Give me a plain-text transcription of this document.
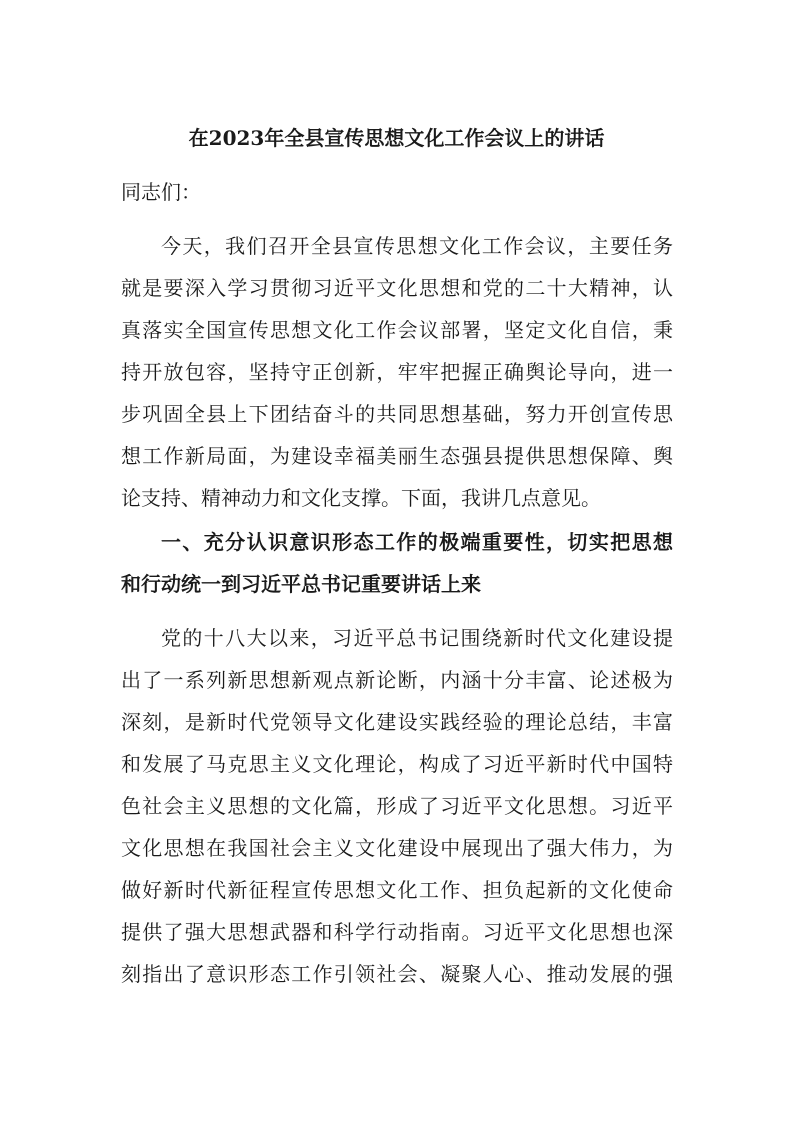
在2023年全县宣传思想文化工作会议上的讲话

同志们：

今天，我们召开全县宣传思想文化工作会议，主要任务

就是要深入学习贯彻习近平文化思想和党的二十大精神，认

真落实全国宣传思想文化工作会议部署，坚定文化自信，秉

持开放包容，坚持守正创新，牢牢把握正确舆论导向，进一

步巩固全县上下团结奋斗的共同思想基础，努力开创宣传思

想工作新局面，为建设幸福美丽生态强县提供思想保障、舆

论支持、精神动力和文化支撑。下面，我讲几点意见。

一、充分认识意识形态工作的极端重要性，切实把思想

和行动统一到习近平总书记重要讲话上来

党的十八大以来，习近平总书记围绕新时代文化建设提

出了一系列新思想新观点新论断，内涵十分丰富、论述极为

深刻，是新时代党领导文化建设实践经验的理论总结，丰富

和发展了马克思主义文化理论，构成了习近平新时代中国特

色社会主义思想的文化篇，形成了习近平文化思想。习近平

文化思想在我国社会主义文化建设中展现出了强大伟力，为

做好新时代新征程宣传思想文化工作、担负起新的文化使命

提供了强大思想武器和科学行动指南。习近平文化思想也深

刻指出了意识形态工作引领社会、凝聚人心、推动发展的强
